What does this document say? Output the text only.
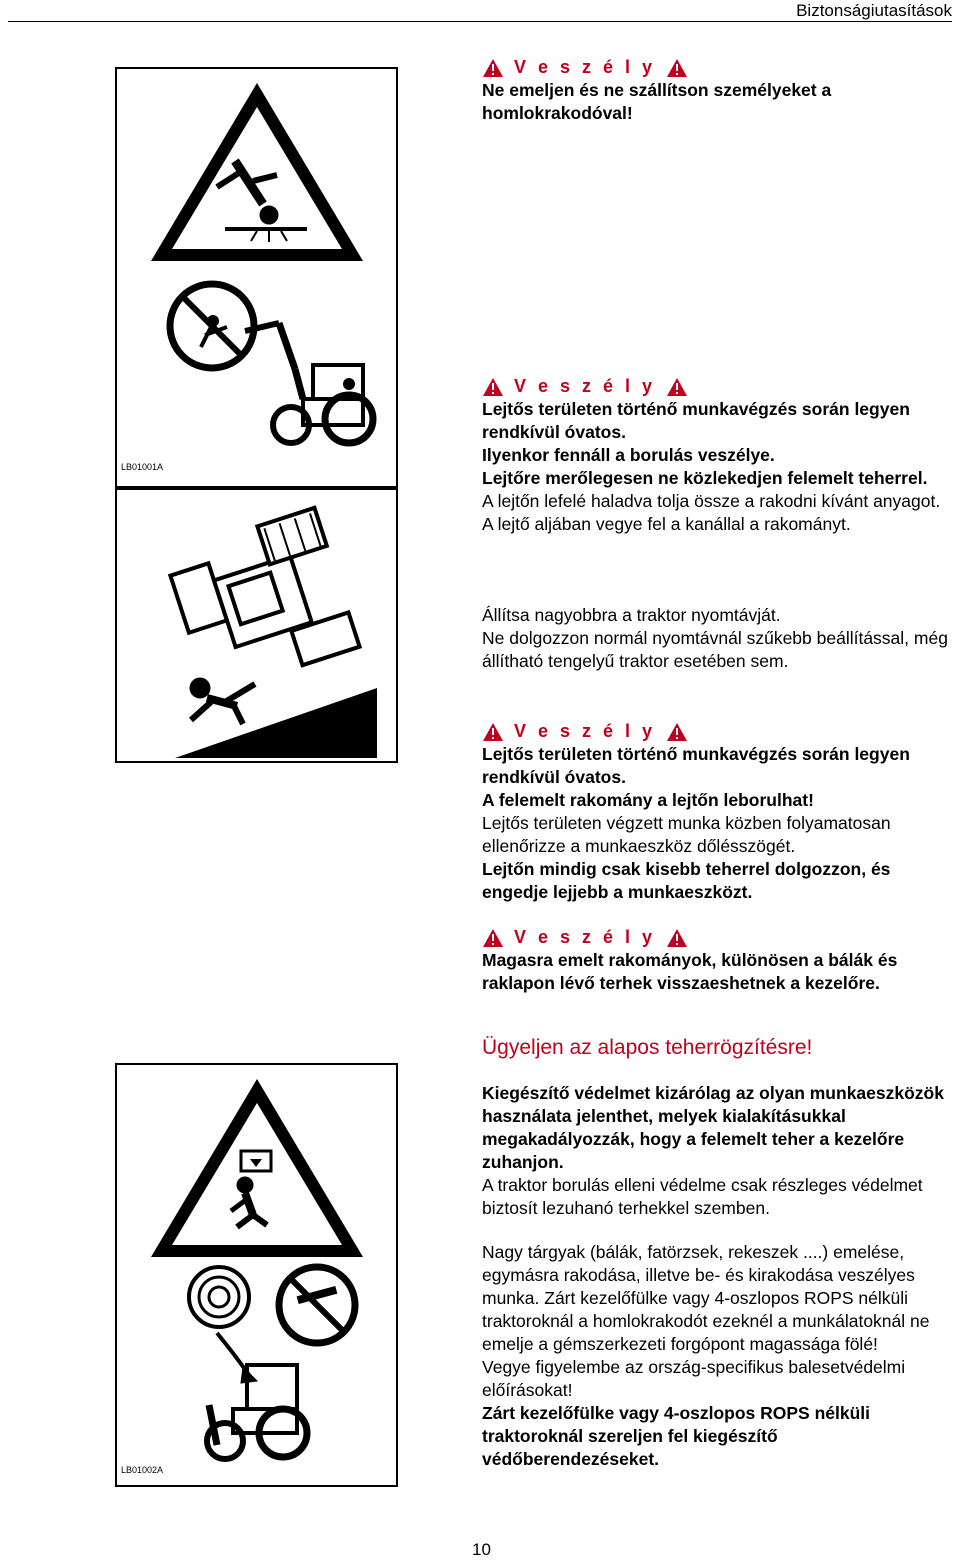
Biztonságiutasítások
LB01001A
LB01002A
V e s z é l y

Ne emeljen és ne szállítson személyeket a homlokrakodóval!

V e s z é l y

Lejtős területen történő munkavégzés során legyen rendkívül óvatos.

Ilyenkor fennáll a borulás veszélye.

Lejtőre merőlegesen ne közlekedjen felemelt teherrel.

A lejtőn lefelé haladva tolja össze a rakodni kívánt anyagot. A lejtő aljában vegye fel a kanállal a rakományt.

Állítsa nagyobbra a traktor nyomtávját.

Ne dolgozzon normál nyomtávnál szűkebb beállítással, még állítható tengelyű traktor esetében sem.

V e s z é l y

Lejtős területen történő munkavégzés során legyen rendkívül óvatos.

A felemelt rakomány a lejtőn leborulhat!

Lejtős területen végzett munka közben folyamatosan ellenőrizze a munkaeszköz dőlésszögét.

Lejtőn mindig csak kisebb teherrel dolgozzon, és engedje lejjebb a munkaeszközt.

V e s z é l y

Magasra emelt rakományok, különösen a bálák és raklapon lévő terhek visszaeshetnek a kezelőre.

Ügyeljen az alapos teherrögzítésre!

Kiegészítő védelmet kizárólag az olyan munkaeszközök használata jelenthet, melyek kialakításukkal megakadályozzák, hogy a felemelt teher a kezelőre zuhanjon.

A traktor borulás elleni védelme csak részleges védelmet biztosít lezuhanó terhekkel szemben.

Nagy tárgyak (bálák, fatörzsek, rekeszek ....) emelése, egymásra rakodása, illetve be- és kirakodása veszélyes munka. Zárt kezelőfülke vagy 4-oszlopos ROPS nélküli traktoroknál a homlokrakodót ezeknél a munkálatoknál ne emelje a gémszerkezeti forgópont magassága fölé!

Vegye figyelembe az ország-specifikus balesetvédelmi előírásokat!

Zárt kezelőfülke vagy 4-oszlopos ROPS nélküli traktoroknál szereljen fel kiegészítő védőberendezéseket.

10
